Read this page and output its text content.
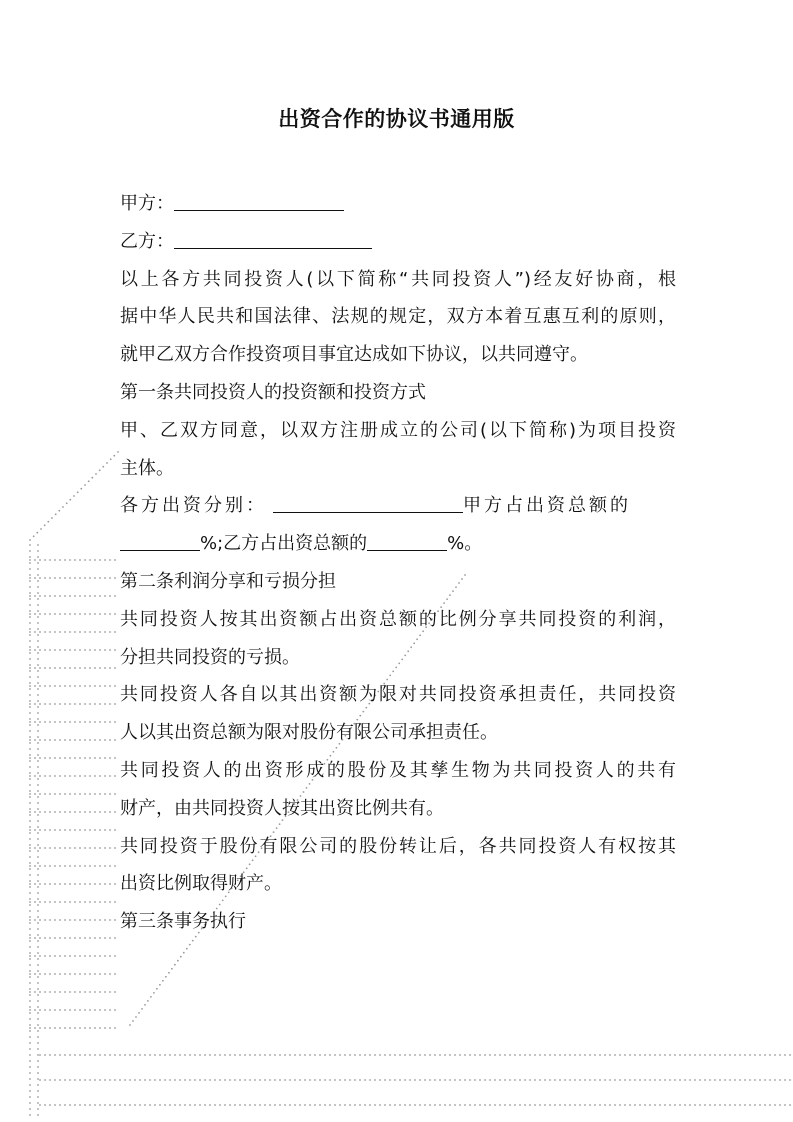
出资合作的协议书通用版
甲方：
乙方：
以上各方共同投资人(以下简称“共同投资人”)经友好协商，根
据中华人民共和国法律、法规的规定，双方本着互惠互利的原则，
就甲乙双方合作投资项目事宜达成如下协议，以共同遵守。
第一条共同投资人的投资额和投资方式
甲、乙双方同意，以双方注册成立的公司(以下简称)为项目投资
主体。
各方出资分别：	甲方占出资总额的
%;乙方占出资总额的	%。
第二条利润分享和亏损分担
共同投资人按其出资额占出资总额的比例分享共同投资的利润，
分担共同投资的亏损。
共同投资人各自以其出资额为限对共同投资承担责任，共同投资
人以其出资总额为限对股份有限公司承担责任。
共同投资人的出资形成的股份及其孳生物为共同投资人的共有
财产，由共同投资人按其出资比例共有。
共同投资于股份有限公司的股份转让后，各共同投资人有权按其
出资比例取得财产。
第三条事务执行
